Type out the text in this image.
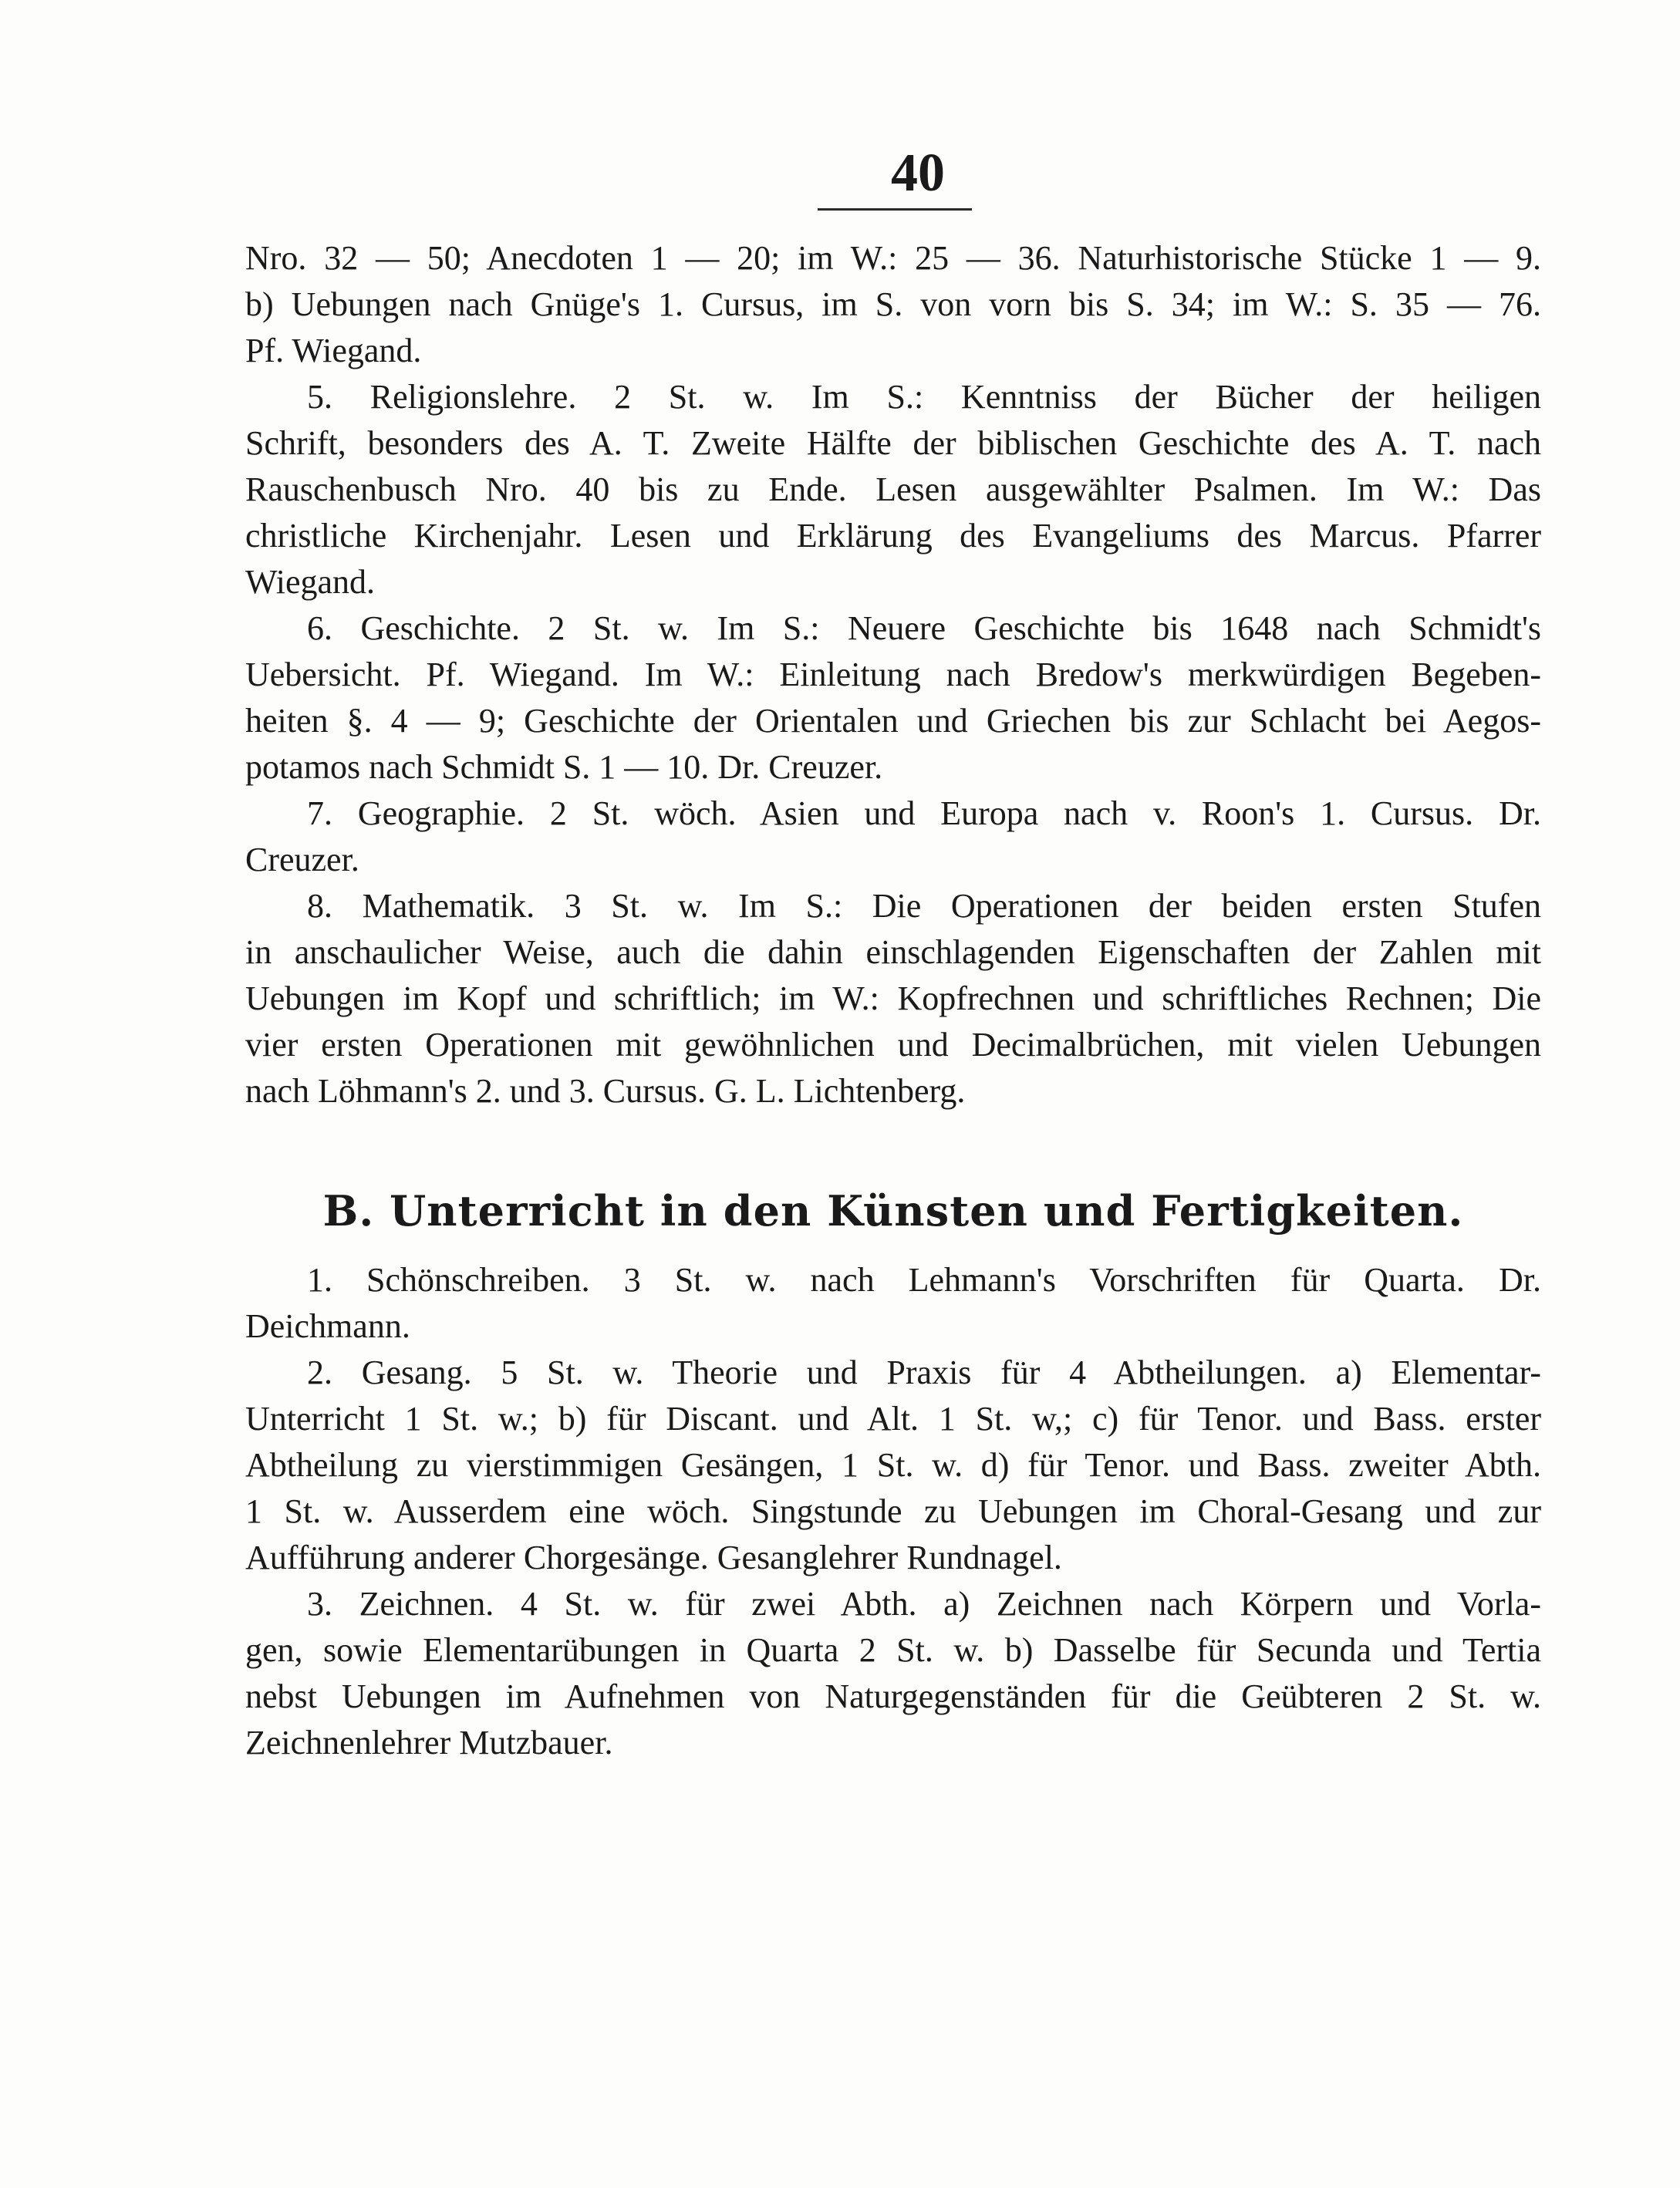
40
Nro. 32 — 50; Anecdoten 1 — 20; im W.: 25 — 36. Naturhistorische Stücke 1 — 9.
b) Uebungen nach Gnüge's 1. Cursus, im S. von vorn bis S. 34; im W.: S. 35 — 76.
Pf. Wiegand.
5. Religionslehre. 2 St. w. Im S.: Kenntniss der Bücher der heiligen
Schrift, besonders des A. T. Zweite Hälfte der biblischen Geschichte des A. T. nach
Rauschenbusch Nro. 40 bis zu Ende. Lesen ausgewählter Psalmen. Im W.: Das
christliche Kirchenjahr. Lesen und Erklärung des Evangeliums des Marcus. Pfarrer
Wiegand.
6. Geschichte. 2 St. w. Im S.: Neuere Geschichte bis 1648 nach Schmidt's
Uebersicht. Pf. Wiegand. Im W.: Einleitung nach Bredow's merkwürdigen Begeben-
heiten §. 4 — 9; Geschichte der Orientalen und Griechen bis zur Schlacht bei Aegos-
potamos nach Schmidt S. 1 — 10. Dr. Creuzer.
7. Geographie. 2 St. wöch. Asien und Europa nach v. Roon's 1. Cursus. Dr.
Creuzer.
8. Mathematik. 3 St. w. Im S.: Die Operationen der beiden ersten Stufen
in anschaulicher Weise, auch die dahin einschlagenden Eigenschaften der Zahlen mit
Uebungen im Kopf und schriftlich; im W.: Kopfrechnen und schriftliches Rechnen; Die
vier ersten Operationen mit gewöhnlichen und Decimalbrüchen, mit vielen Uebungen
nach Löhmann's 2. und 3. Cursus. G. L. Lichtenberg.
B. Unterricht in den Künsten und Fertigkeiten.
1. Schönschreiben. 3 St. w. nach Lehmann's Vorschriften für Quarta. Dr.
Deichmann.
2. Gesang. 5 St. w. Theorie und Praxis für 4 Abtheilungen. a) Elementar-
Unterricht 1 St. w.; b) für Discant. und Alt. 1 St. w,; c) für Tenor. und Bass. erster
Abtheilung zu vierstimmigen Gesängen, 1 St. w. d) für Tenor. und Bass. zweiter Abth.
1 St. w. Ausserdem eine wöch. Singstunde zu Uebungen im Choral-Gesang und zur
Aufführung anderer Chorgesänge. Gesanglehrer Rundnagel.
3. Zeichnen. 4 St. w. für zwei Abth. a) Zeichnen nach Körpern und Vorla-
gen, sowie Elementarübungen in Quarta 2 St. w. b) Dasselbe für Secunda und Tertia
nebst Uebungen im Aufnehmen von Naturgegenständen für die Geübteren 2 St. w.
Zeichnenlehrer Mutzbauer.
